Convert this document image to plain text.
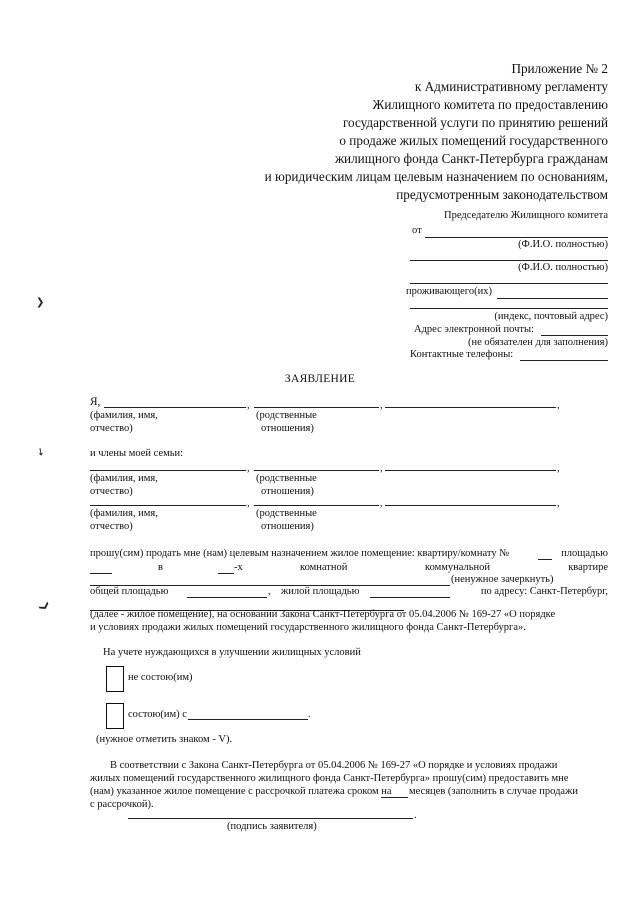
Приложение № 2
к Административному регламенту
Жилищного комитета по предоставлению
государственной услуги по принятию решений
о продаже жилых помещений государственного
жилищного фонда Санкт-Петербурга гражданам
и юридическим лицам целевым назначением по основаниям,
предусмотренным законодательством
Председателю Жилищного комитета
от
(Ф.И.О. полностью)
(Ф.И.О. полностью)
проживающего(их)
(индекс, почтовый адрес)
Адрес электронной почты:
(не обязателен для заполнения)
Контактные телефоны:
ЗАЯВЛЕНИЕ
Я,	,	,	,
(фамилия, имя,	(родственные
отчество)	отношения)
и члены моей семьи:
,	,	,
(фамилия, имя,	(родственные
отчество)	отношения)
,	,	,
(фамилия, имя,	(родственные
отчество)	отношения)
прошу(сим) продать мне (нам) целевым назначением жилое помещение: квартиру/комнату №	площадью
в	-х	комнатной	коммунальной	квартире
(ненужное зачеркнуть)
общей площадью	, жилой площадью	по адресу: Санкт-Петербург,
(далее - жилое помещение), на основании Закона Санкт-Петербурга от 05.04.2006 № 169-27 «О порядке
и условиях продажи жилых помещений государственного жилищного фонда Санкт-Петербурга».
На учете нуждающихся в улучшении жилищных условий
не состою(им)
состою(им) с	.
(нужное отметить знаком - V).
В соответствии с Закона Санкт-Петербурга от 05.04.2006 № 169-27 «О порядке и условиях продажи
жилых помещений государственного жилищного фонда Санкт-Петербурга» прошу(сим) предоставить мне
(нам) указанное жилое помещение с рассрочкой платежа сроком на месяцев (заполнить в случае продажи
с рассрочкой).
.
(подпись заявителя)
❯
➘
❯
